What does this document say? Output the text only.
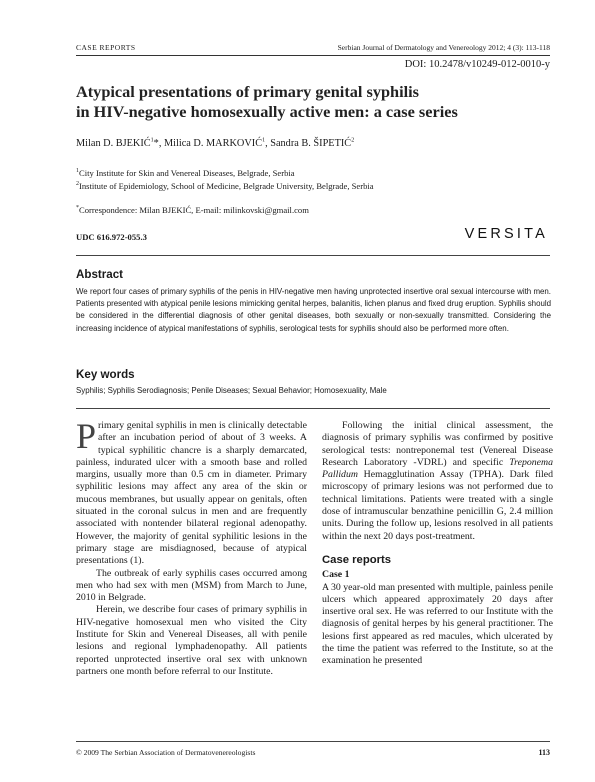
CASE REPORTS	Serbian Journal of Dermatology and Venereology 2012; 4 (3): 113-118
DOI: 10.2478/v10249-012-0010-y
Atypical presentations of primary genital syphilis
in HIV-negative homosexually active men: a case series
Milan D. BJEKIĆ$^1$*, Milica D. MARKOVIĆ$^1$, Sandra B. ŠIPETIĆ$^2$
$^1$City Institute for Skin and Venereal Diseases, Belgrade, Serbia
$^2$Institute of Epidemiology, School of Medicine, Belgrade University, Belgrade, Serbia
*Correspondence: Milan BJEKIĆ, E-mail: milinkovski@gmail.com
UDC 616.972-055.3	VERSITA
Abstract
We report four cases of primary syphilis of the penis in HIV-negative men having unprotected insertive oral sexual intercourse with men. Patients presented with atypical penile lesions mimicking genital herpes, balanitis, lichen planus and fixed drug eruption. Syphilis should be considered in the differential diagnosis of other genital diseases, both sexually or non-sexually transmitted. Considering the increasing incidence of atypical manifestations of syphilis, serological tests for syphilis should also be performed more often.
Key words
Syphilis; Syphilis Serodiagnosis; Penile Diseases; Sexual Behavior; Homosexuality, Male

Primary genital syphilis in men is clinically detectable after an incubation period of about of 3 weeks. A typical syphilitic chancre is a sharply demarcated, painless, indurated ulcer with a smooth base and rolled margins, usually more than 0.5 cm in diameter. Primary syphilitic lesions may affect any area of the skin or mucous membranes, but usually appear on genitals, often situated in the coronal sulcus in men and are frequently associated with nontender bilateral regional adenopathy. However, the majority of genital syphilitic lesions in the primary stage are misdiagnosed, because of atypical presentations (1).

The outbreak of early syphilis cases occurred among men who had sex with men (MSM) from March to June, 2010 in Belgrade.

Herein, we describe four cases of primary syphilis in HIV-negative homosexual men who visited the City Institute for Skin and Venereal Diseases, all with penile lesions and regional lymphadenopathy. All patients reported unprotected insertive oral sex with unknown partners one month before referral to our Institute.

Following the initial clinical assessment, the diagnosis of primary syphilis was confirmed by positive serological tests: nontreponemal test (Venereal Disease Research Laboratory -VDRL) and specific Treponema Pallidum Hemagglutination Assay (TPHA). Dark filed microscopy of primary lesions was not performed due to technical limitations. Patients were treated with a single dose of intramuscular benzathine penicillin G, 2.4 million units. During the follow up, lesions resolved in all patients within the next 20 days post-treatment.

Case reports
Case 1

A 30 year-old man presented with multiple, painless penile ulcers which appeared approximately 20 days after insertive oral sex. He was referred to our Institute with the diagnosis of genital herpes by his general practitioner. The lesions first appeared as red macules, which ulcerated by the time the patient was referred to the Institute, so at the examination he presented

© 2009 The Serbian Association of Dermatovenereologists	113
